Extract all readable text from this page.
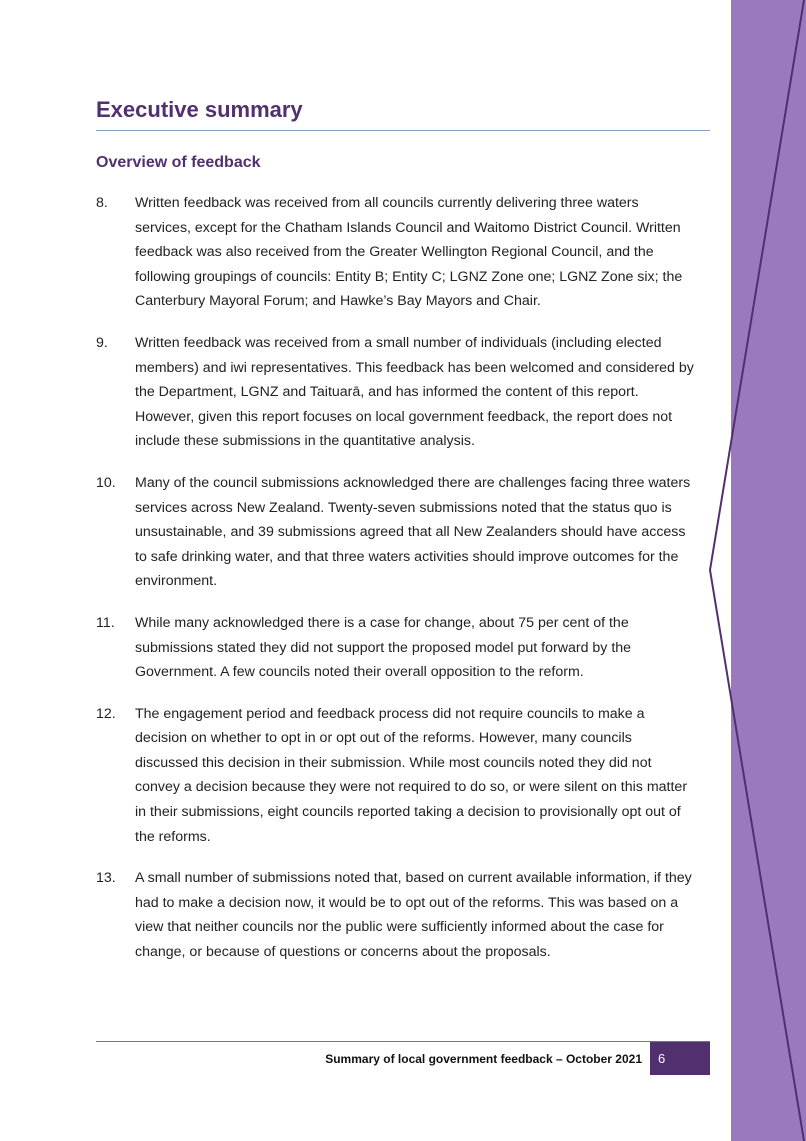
Executive summary
Overview of feedback
8.	Written feedback was received from all councils currently delivering three waters services, except for the Chatham Islands Council and Waitomo District Council. Written feedback was also received from the Greater Wellington Regional Council, and the following groupings of councils: Entity B; Entity C; LGNZ Zone one; LGNZ Zone six; the Canterbury Mayoral Forum; and Hawke’s Bay Mayors and Chair.
9.	Written feedback was received from a small number of individuals (including elected members) and iwi representatives. This feedback has been welcomed and considered by the Department, LGNZ and Taituarā, and has informed the content of this report. However, given this report focuses on local government feedback, the report does not include these submissions in the quantitative analysis.
10.	Many of the council submissions acknowledged there are challenges facing three waters services across New Zealand. Twenty-seven submissions noted that the status quo is unsustainable, and 39 submissions agreed that all New Zealanders should have access to safe drinking water, and that three waters activities should improve outcomes for the environment.
11.	While many acknowledged there is a case for change, about 75 per cent of the submissions stated they did not support the proposed model put forward by the Government. A few councils noted their overall opposition to the reform.
12.	The engagement period and feedback process did not require councils to make a decision on whether to opt in or opt out of the reforms. However, many councils discussed this decision in their submission. While most councils noted they did not convey a decision because they were not required to do so, or were silent on this matter in their submissions, eight councils reported taking a decision to provisionally opt out of the reforms.
13.	A small number of submissions noted that, based on current available information, if they had to make a decision now, it would be to opt out of the reforms. This was based on a view that neither councils nor the public were sufficiently informed about the case for change, or because of questions or concerns about the proposals.
Summary of local government feedback – October 2021	6
